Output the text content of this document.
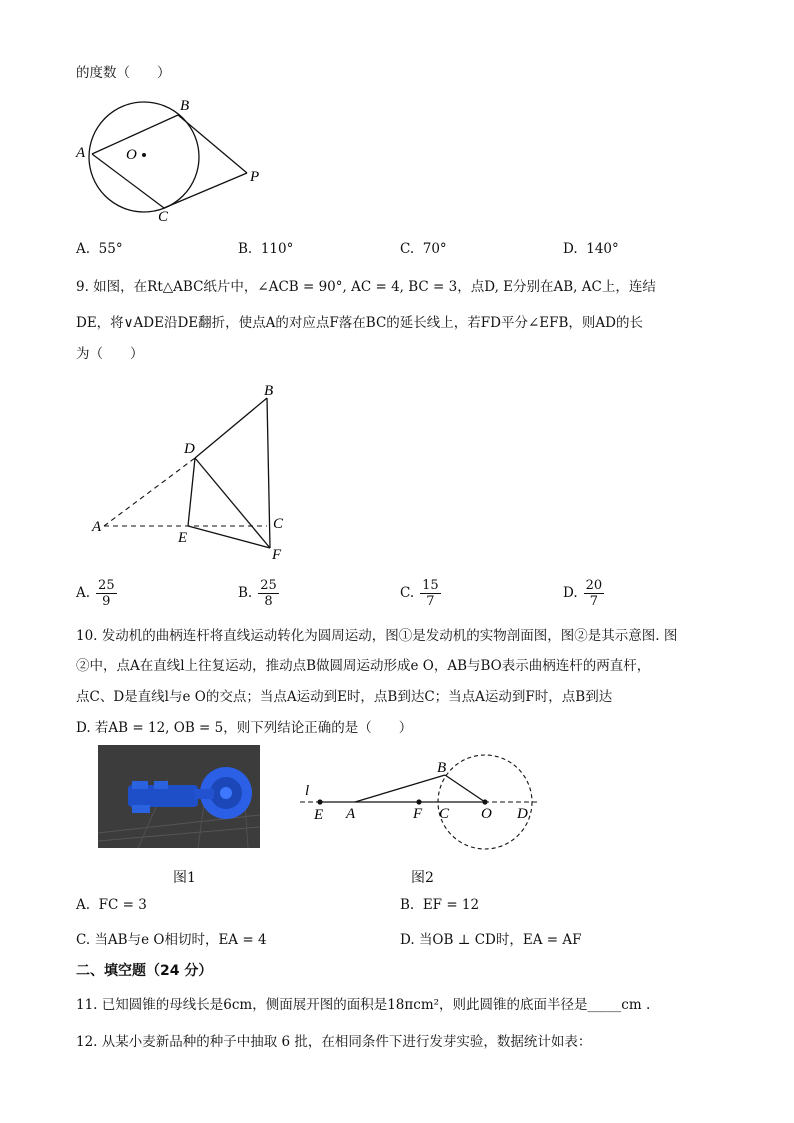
的度数（　　）
A
B
O
P
C
A. 55°	B. 110°	C. 70°	D. 140°
9. 如图，在Rt△ABC纸片中，∠ACB = 90°, AC = 4, BC = 3，点D, E分别在AB, AC上，连结
DE，将∨ADE沿DE翻折，使点A的对应点F落在BC的延长线上，若FD平分∠EFB，则AD的长
为（　　）
A
B
D
C
E
F
A. $\frac{25}{9}$	B. $\frac{25}{8}$	C. $\frac{15}{7}$	D. $\frac{20}{7}$
10. 发动机的曲柄连杆将直线运动转化为圆周运动，图①是发动机的实物剖面图，图②是其示意图. 图
②中，点A在直线l上往复运动，推动点B做圆周运动形成e O，AB与BO表示曲柄连杆的两直杆，
点C、D是直线l与e O的交点；当点A运动到E时，点B到达C；当点A运动到F时，点B到达
D. 若AB = 12, OB = 5，则下列结论正确的是（　　）
l
E A	F C O D
B
图1	图2
A. FC = 3	B. EF = 12
C. 当AB与e O相切时，EA = 4	D. 当OB ⊥ CD时，EA = AF
二、填空题（24 分）
11. 已知圆锥的母线长是6cm，侧面展开图的面积是18πcm²，则此圆锥的底面半径是_____cm .
12. 从某小麦新品种的种子中抽取 6 批，在相同条件下进行发芽实验，数据统计如表：
